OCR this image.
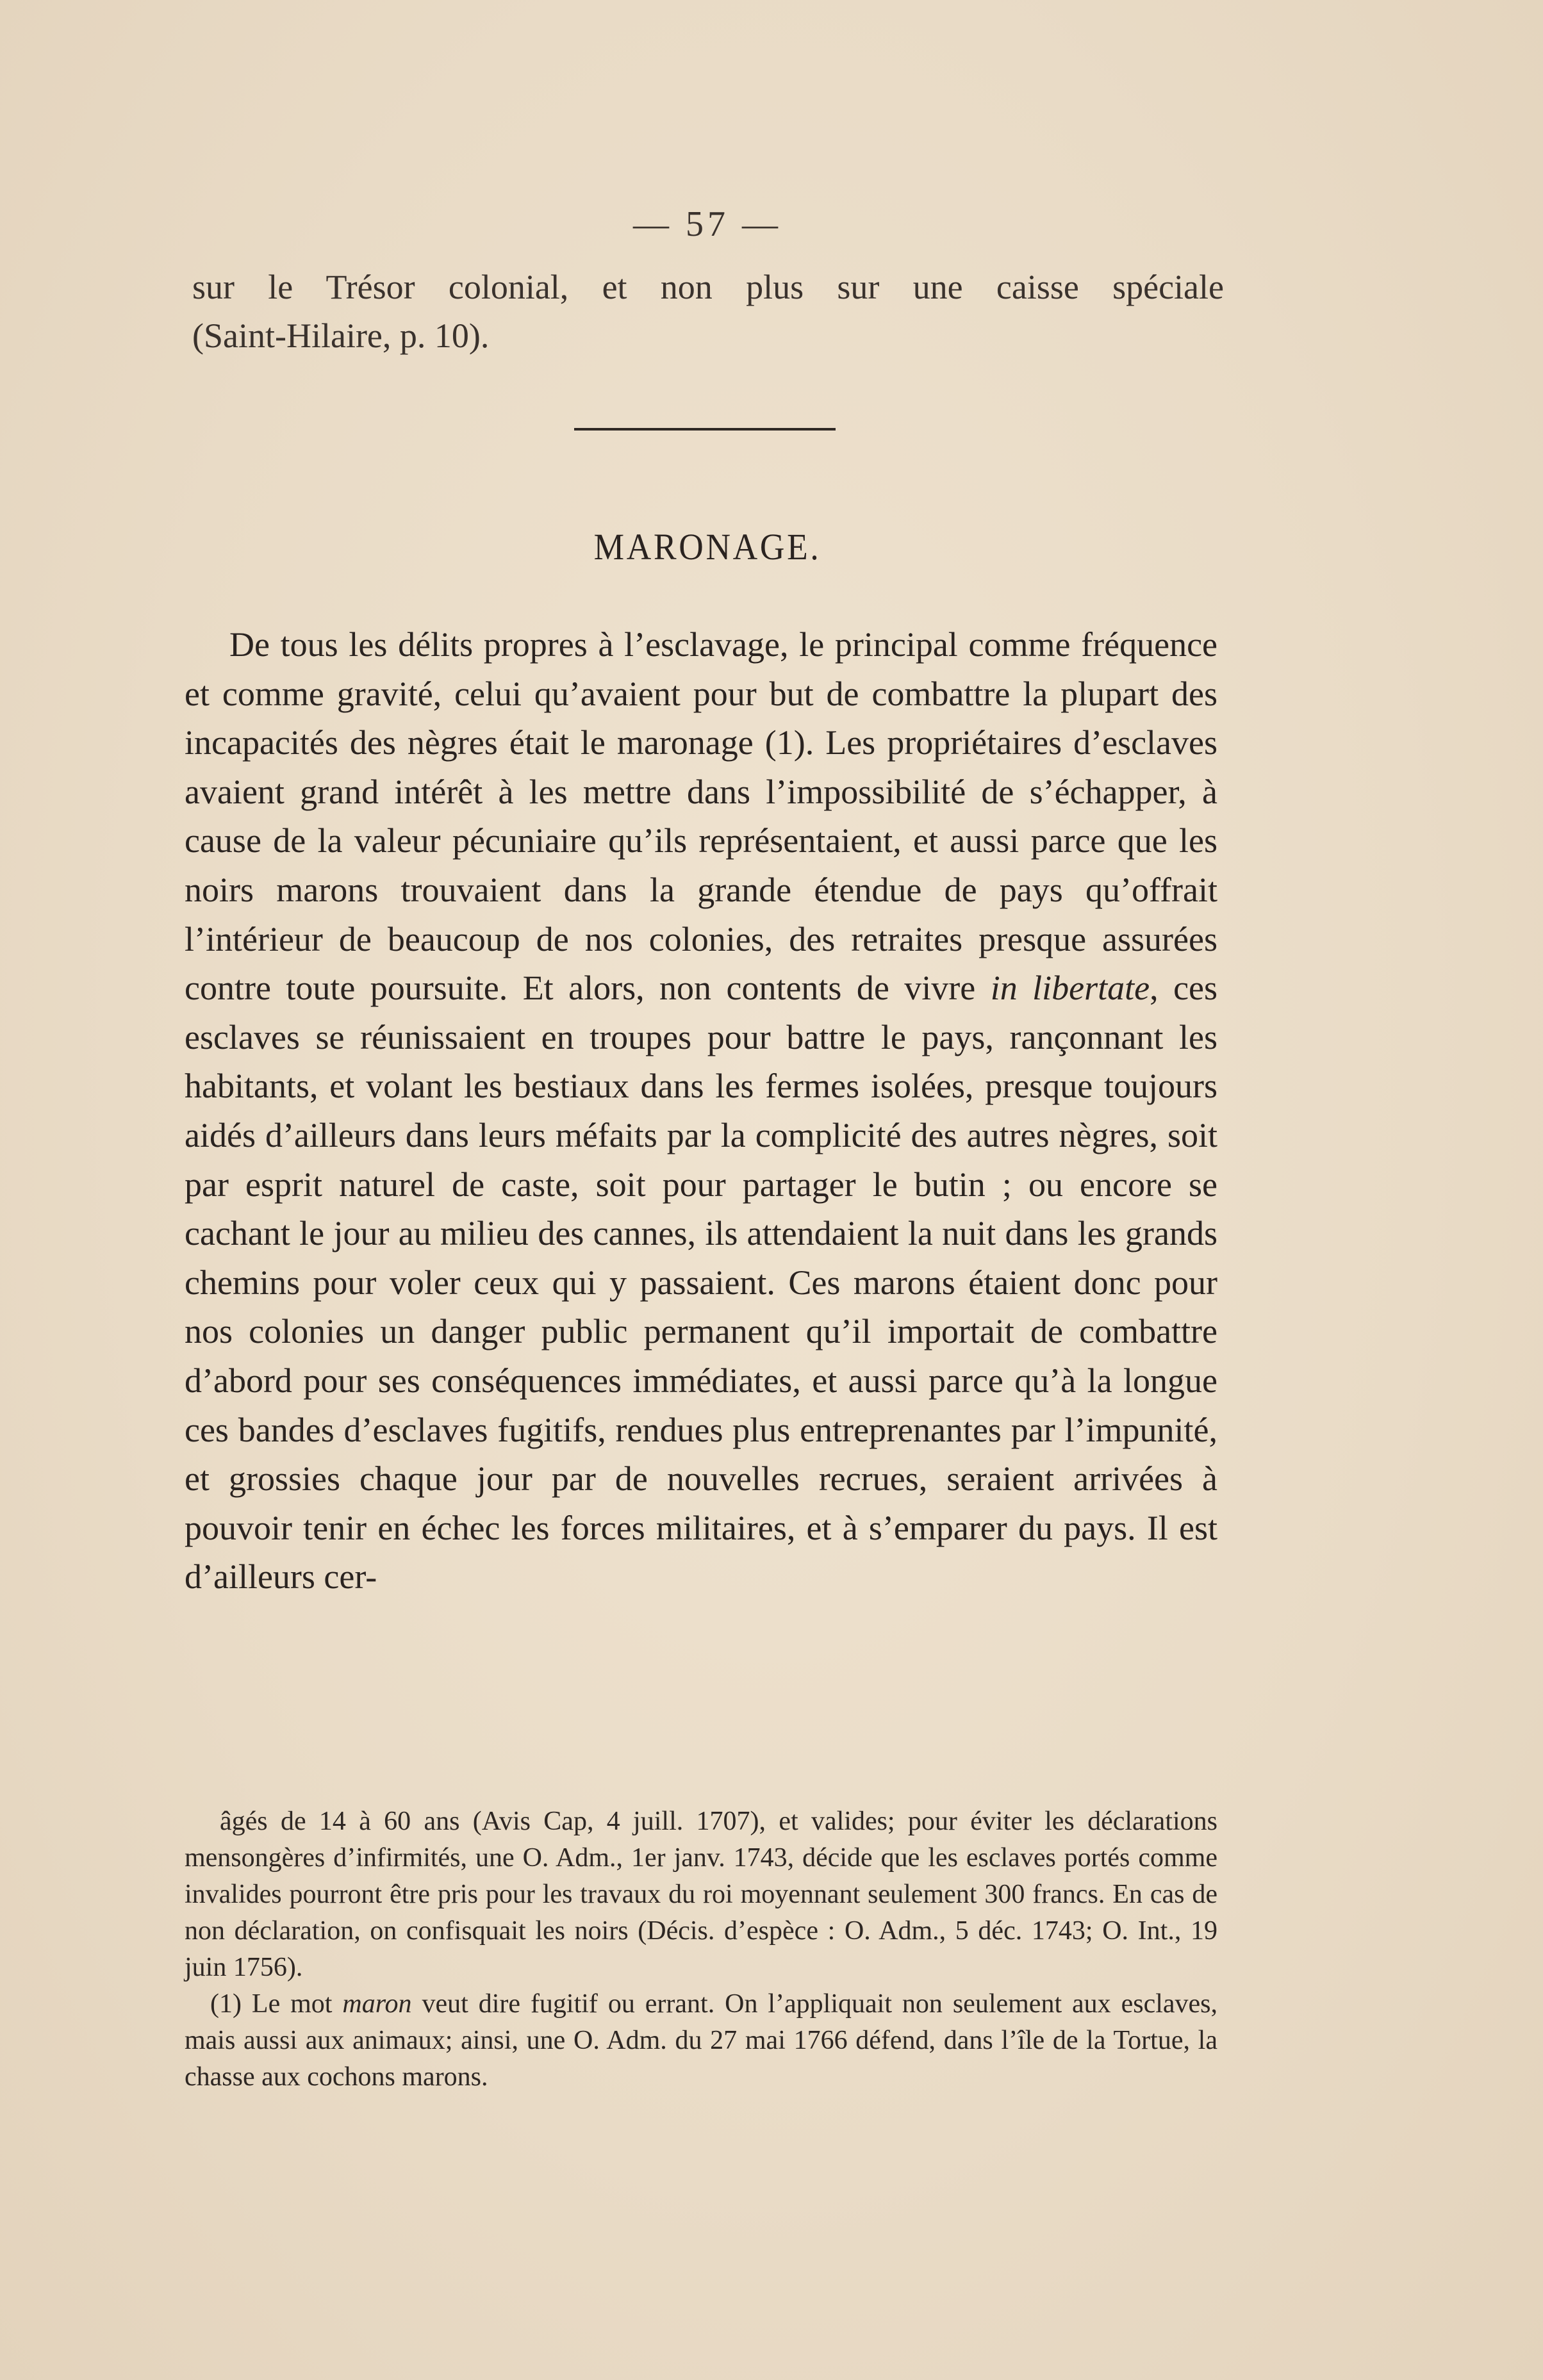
— 57 —
sur le Trésor colonial, et non plus sur une caisse spéciale
(Saint-Hilaire, p. 10).
MARONAGE.

De tous les délits propres à l’esclavage, le principal comme fréquence et comme gravité, celui qu’avaient pour but de combattre la plupart des incapacités des nègres était le maronage (1). Les propriétaires d’esclaves avaient grand intérêt à les mettre dans l’impossibilité de s’échapper, à cause de la valeur pécuniaire qu’ils représentaient, et aussi parce que les noirs marons trouvaient dans la grande étendue de pays qu’offrait l’intérieur de beaucoup de nos colonies, des retraites presque assurées contre toute poursuite. Et alors, non contents de vivre in libertate, ces esclaves se réunissaient en troupes pour battre le pays, rançonnant les habitants, et volant les bestiaux dans les fermes isolées, presque toujours aidés d’ailleurs dans leurs méfaits par la complicité des autres nègres, soit par esprit naturel de caste, soit pour partager le butin ; ou encore se cachant le jour au milieu des cannes, ils attendaient la nuit dans les grands chemins pour voler ceux qui y passaient. Ces marons étaient donc pour nos colonies un danger public permanent qu’il importait de combattre d’abord pour ses conséquences immédiates, et aussi parce qu’à la longue ces bandes d’esclaves fugitifs, rendues plus entreprenantes par l’impunité, et grossies chaque jour par de nouvelles recrues, seraient arrivées à pouvoir tenir en échec les forces militaires, et à s’emparer du pays. Il est d’ailleurs cer-

âgés de 14 à 60 ans (Avis Cap, 4 juill. 1707), et valides; pour éviter les déclarations mensongères d’infirmités, une O. Adm., 1er janv. 1743, décide que les esclaves portés comme invalides pourront être pris pour les travaux du roi moyennant seulement 300 francs. En cas de non déclaration, on confisquait les noirs (Décis. d’espèce : O. Adm., 5 déc. 1743; O. Int., 19 juin 1756).

(1) Le mot maron veut dire fugitif ou errant. On l’appliquait non seulement aux esclaves, mais aussi aux animaux; ainsi, une O. Adm. du 27 mai 1766 défend, dans l’île de la Tortue, la chasse aux cochons marons.
